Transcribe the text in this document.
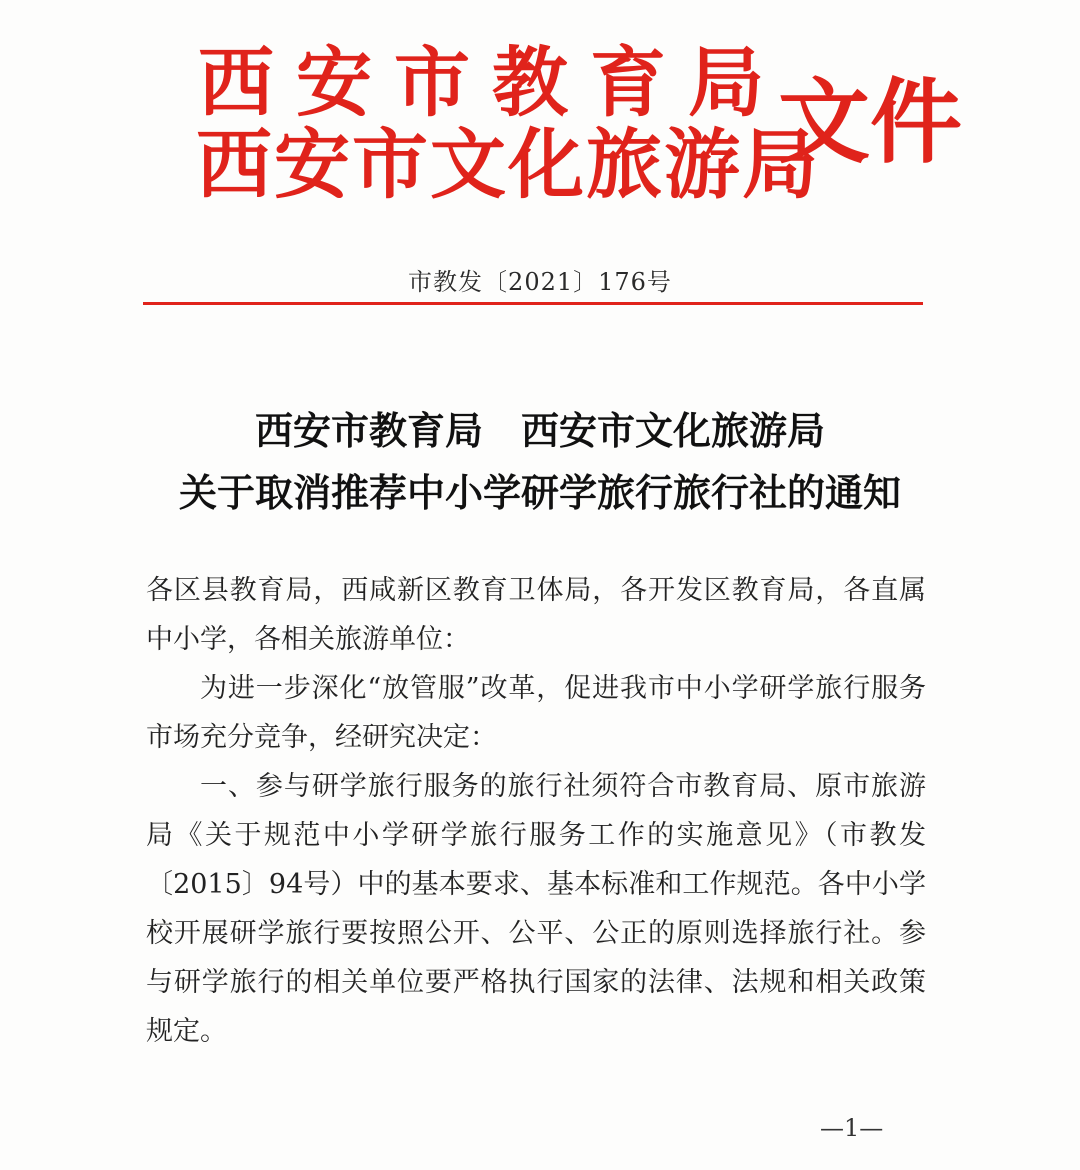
西安市教育局
西安市文化旅游局
文件
市教发〔2021〕176号
西安市教育局　西安市文化旅游局
关于取消推荐中小学研学旅行旅行社的通知

各区县教育局，西咸新区教育卫体局，各开发区教育局，各直属中小学，各相关旅游单位：

为进一步深化“放管服”改革，促进我市中小学研学旅行服务市场充分竞争，经研究决定：

一、参与研学旅行服务的旅行社须符合市教育局、原市旅游局《关于规范中小学研学旅行服务工作的实施意见》（市教发〔2015〕94号）中的基本要求、基本标准和工作规范。各中小学校开展研学旅行要按照公开、公平、公正的原则选择旅行社。参与研学旅行的相关单位要严格执行国家的法律、法规和相关政策规定。

—1—
